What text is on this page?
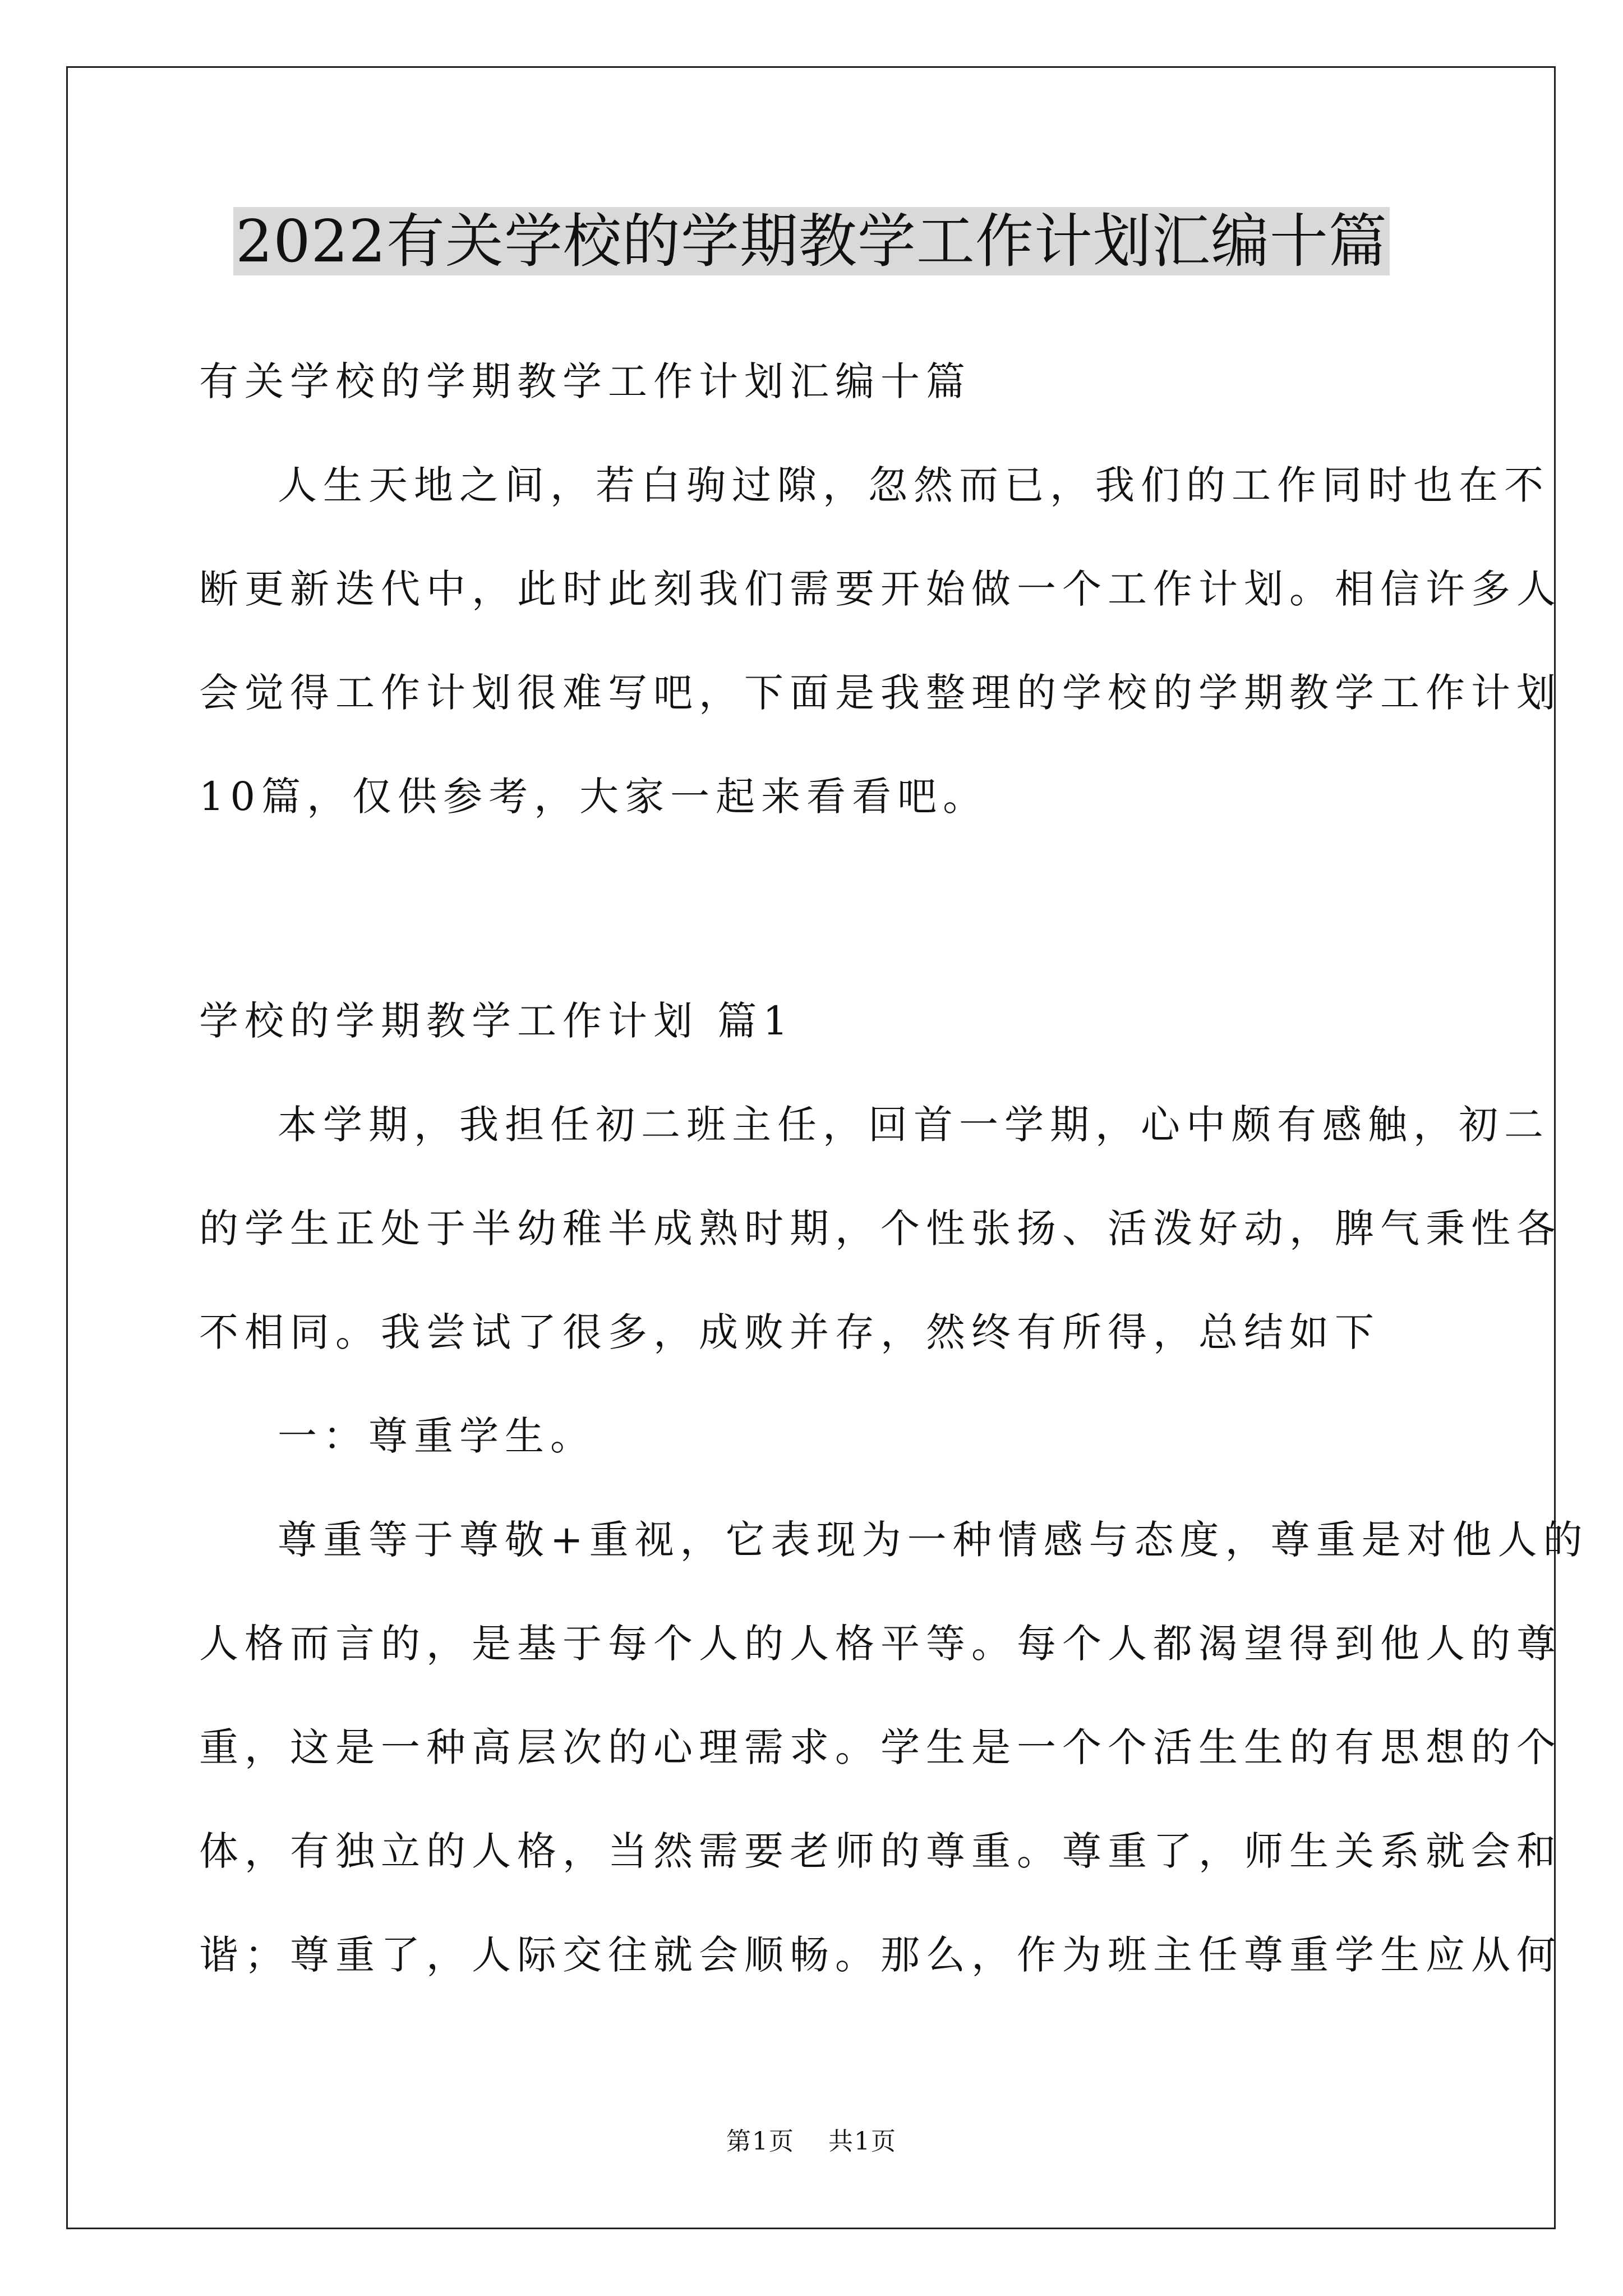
2022有关学校的学期教学工作计划汇编十篇

有关学校的学期教学工作计划汇编十篇

人生天地之间，若白驹过隙，忽然而已，我们的工作同时也在不

断更新迭代中，此时此刻我们需要开始做一个工作计划。相信许多人

会觉得工作计划很难写吧，下面是我整理的学校的学期教学工作计划

10篇，仅供参考，大家一起来看看吧。

学校的学期教学工作计划 篇1

本学期，我担任初二班主任，回首一学期，心中颇有感触，初二

的学生正处于半幼稚半成熟时期，个性张扬、活泼好动，脾气秉性各

不相同。我尝试了很多，成败并存，然终有所得，总结如下

一：尊重学生。

尊重等于尊敬+重视，它表现为一种情感与态度，尊重是对他人的

人格而言的，是基于每个人的人格平等。每个人都渴望得到他人的尊

重，这是一种高层次的心理需求。学生是一个个活生生的有思想的个

体，有独立的人格，当然需要老师的尊重。尊重了，师生关系就会和

谐；尊重了，人际交往就会顺畅。那么，作为班主任尊重学生应从何

第1页 共1页
